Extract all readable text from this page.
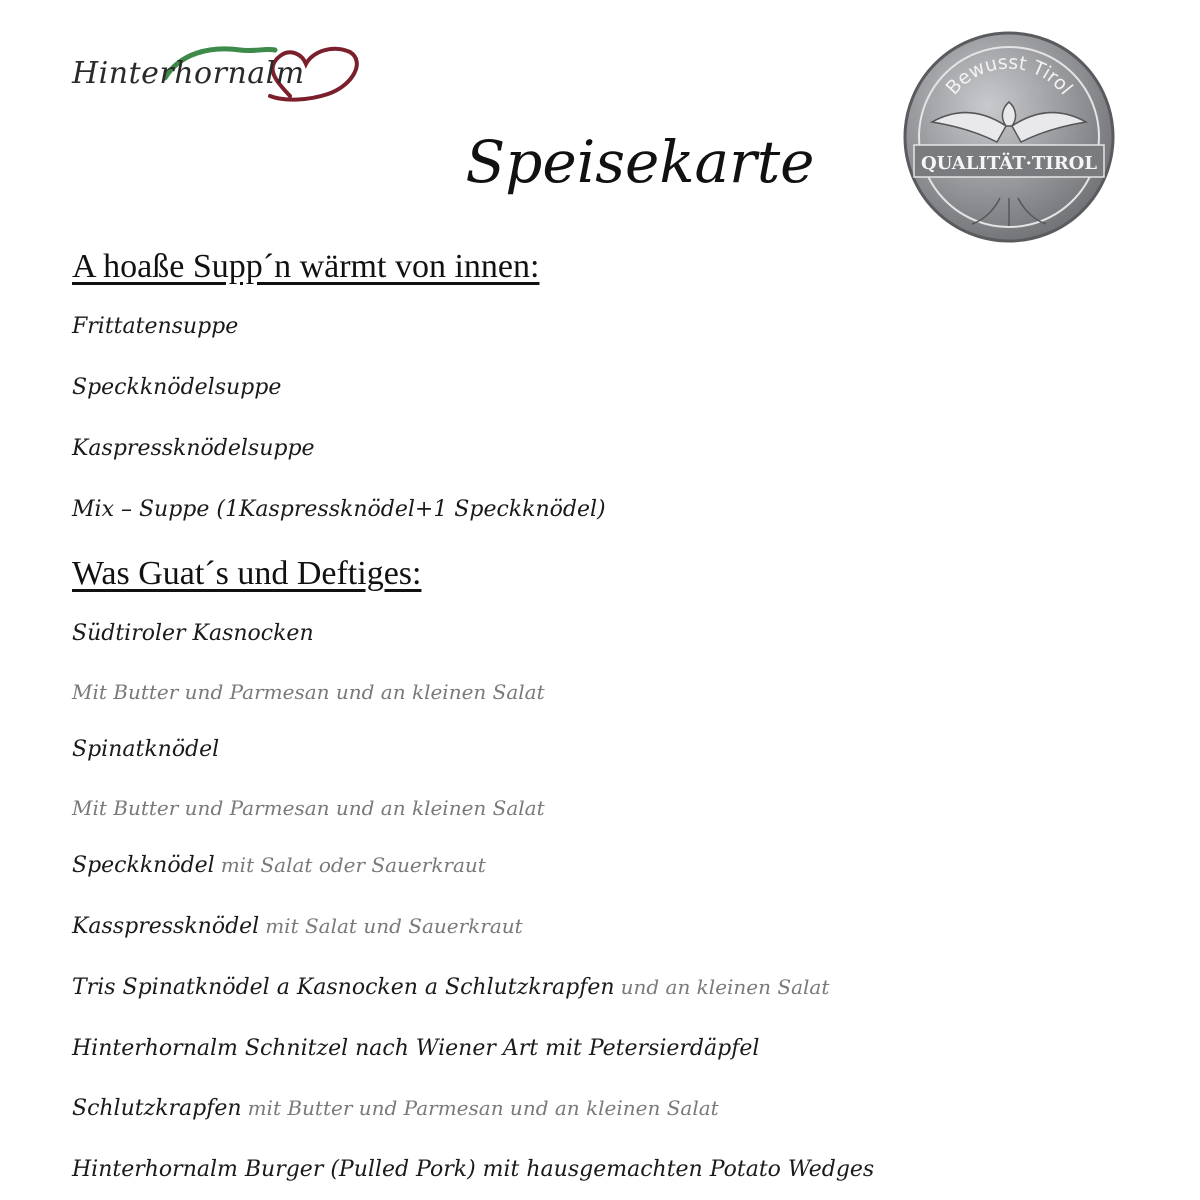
Hinterhornalm	Bewusst Tirol
QUALITÄT·TIROL
Speisekarte
A hoaße Supp´n wärmt von innen:
Frittatensuppe
Speckknödelsuppe
Kaspressknödelsuppe
Mix – Suppe (1Kaspressknödel+1 Speckknödel)
Was Guat´s und Deftiges:
Südtiroler Kasnocken
Mit Butter und Parmesan und an kleinen Salat
Spinatknödel
Mit Butter und Parmesan und an kleinen Salat
Speckknödel mit Salat oder Sauerkraut
Kasspressknödel mit Salat und Sauerkraut
Tris Spinatknödel a Kasnocken a Schlutzkrapfen und an kleinen Salat
Hinterhornalm Schnitzel nach Wiener Art mit Petersierdäpfel
Schlutzkrapfen mit Butter und Parmesan und an kleinen Salat
Hinterhornalm Burger (Pulled Pork) mit hausgemachten Potato Wedges
